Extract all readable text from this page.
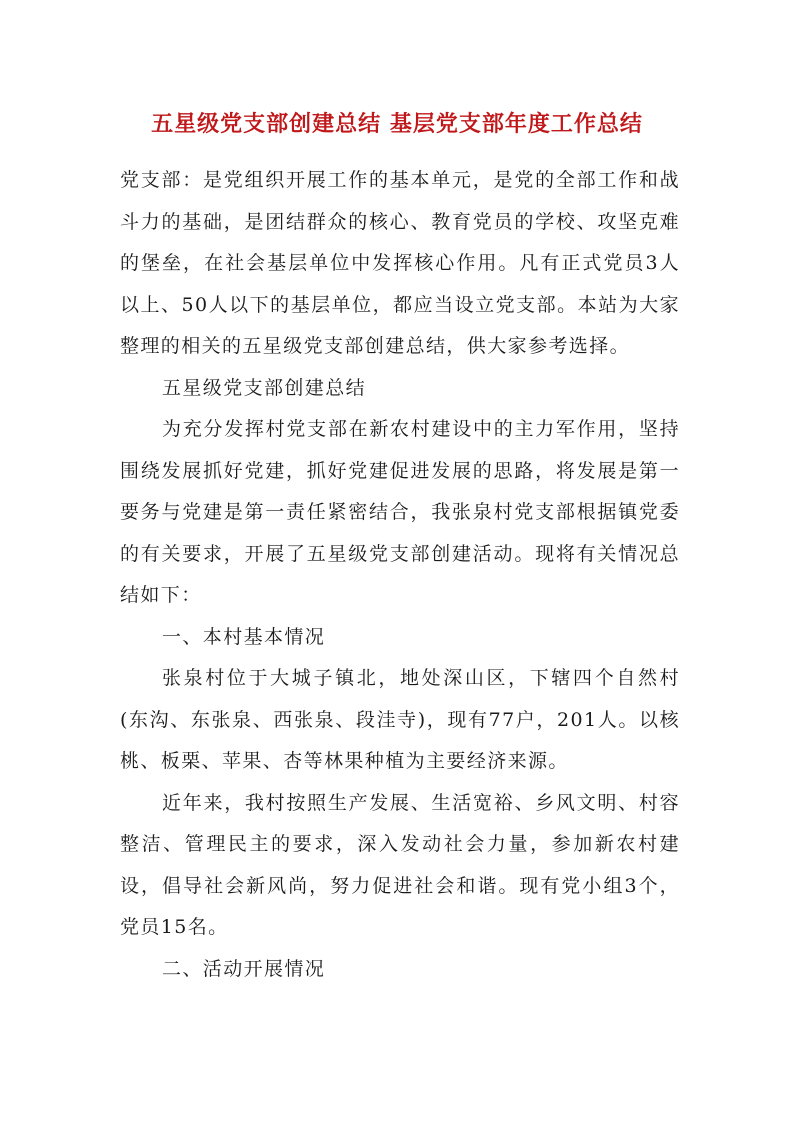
五星级党支部创建总结 基层党支部年度工作总结

党支部：是党组织开展工作的基本单元，是党的全部工作和战斗力的基础，是团结群众的核心、教育党员的学校、攻坚克难的堡垒，在社会基层单位中发挥核心作用。凡有正式党员3人以上、50人以下的基层单位，都应当设立党支部。本站为大家整理的相关的五星级党支部创建总结，供大家参考选择。

五星级党支部创建总结

为充分发挥村党支部在新农村建设中的主力军作用，坚持围绕发展抓好党建，抓好党建促进发展的思路，将发展是第一要务与党建是第一责任紧密结合，我张泉村党支部根据镇党委的有关要求，开展了五星级党支部创建活动。现将有关情况总结如下：

一、本村基本情况

张泉村位于大城子镇北，地处深山区，下辖四个自然村(东沟、东张泉、西张泉、段洼寺)，现有77户，201人。以核桃、板栗、苹果、杏等林果种植为主要经济来源。

近年来，我村按照生产发展、生活宽裕、乡风文明、村容整洁、管理民主的要求，深入发动社会力量，参加新农村建设，倡导社会新风尚，努力促进社会和谐。现有党小组3个，党员15名。

二、活动开展情况
